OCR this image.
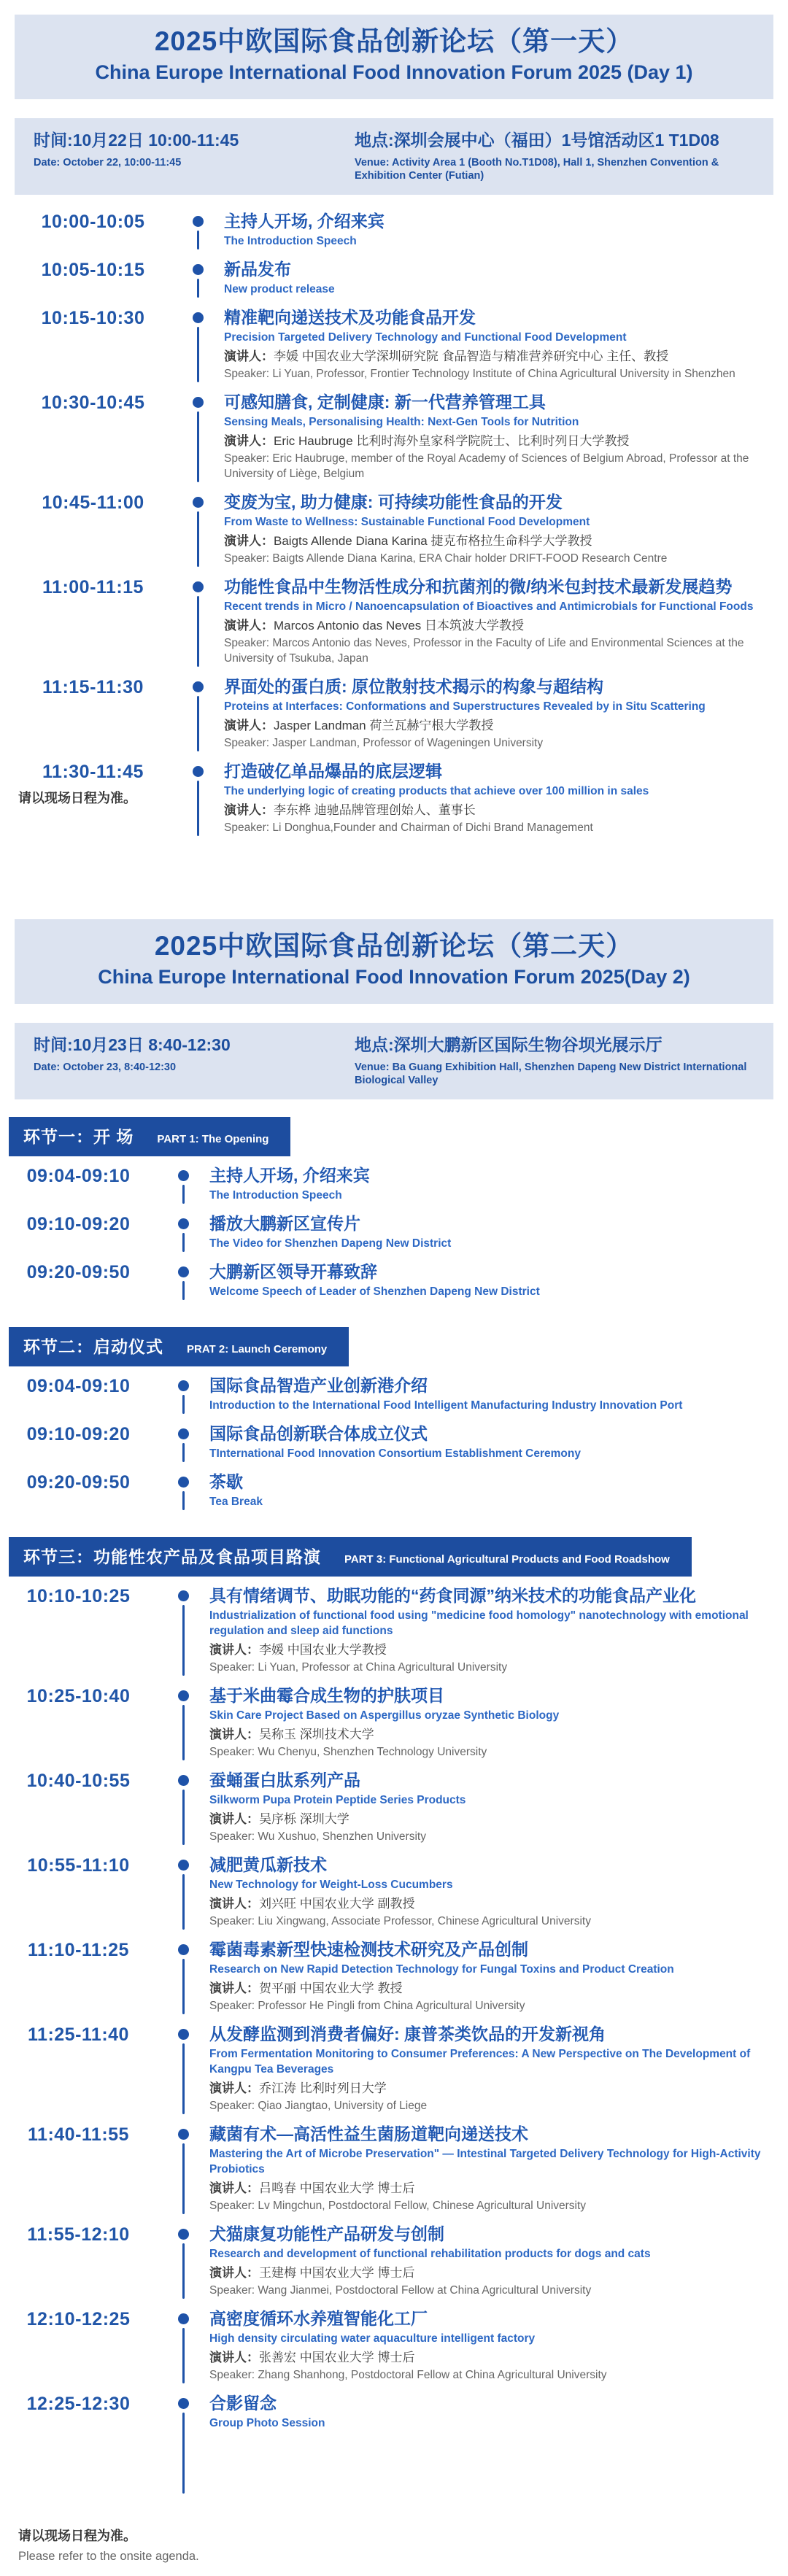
2025中欧国际食品创新论坛（第一天）
China Europe International Food Innovation Forum 2025 (Day 1)
时间:10月22日 10:00-11:45
Date: October 22, 10:00-11:45
地点:深圳会展中心（福田）1号馆活动区1 T1D08
Venue: Activity Area 1 (Booth No.T1D08), Hall 1, Shenzhen Convention & Exhibition Center (Futian)
请以现场日程为准。
10:00-10:05	主持人开场, 介绍来宾
The Introduction Speech
10:05-10:15	新品发布
New product release
10:15-10:30	精准靶向递送技术及功能食品开发
Precision Targeted Delivery Technology and Functional Food Development
演讲人：李媛 中国农业大学深圳研究院 食品智造与精准营养研究中心 主任、教授
Speaker: Li Yuan, Professor, Frontier Technology Institute of China Agricultural University in Shenzhen
10:30-10:45	可感知膳食, 定制健康: 新一代营养管理工具
Sensing Meals, Personalising Health: Next-Gen Tools for Nutrition
演讲人：Eric Haubruge 比利时海外皇家科学院院士、比利时列日大学教授
Speaker: Eric Haubruge, member of the Royal Academy of Sciences of Belgium Abroad, Professor at the University of Liège, Belgium
10:45-11:00	变废为宝, 助力健康: 可持续功能性食品的开发
From Waste to Wellness: Sustainable Functional Food Development
演讲人：Baigts Allende Diana Karina 捷克布格拉生命科学大学教授
Speaker: Baigts Allende Diana Karina, ERA Chair holder DRIFT-FOOD Research Centre
11:00-11:15	功能性食品中生物活性成分和抗菌剂的微/纳米包封技术最新发展趋势
Recent trends in Micro / Nanoencapsulation of Bioactives and Antimicrobials for Functional Foods
演讲人：Marcos Antonio das Neves 日本筑波大学教授
Speaker: Marcos Antonio das Neves, Professor in the Faculty of Life and Environmental Sciences at the University of Tsukuba, Japan
11:15-11:30	界面处的蛋白质: 原位散射技术揭示的构象与超结构
Proteins at Interfaces: Conformations and Superstructures Revealed by in Situ Scattering
演讲人：Jasper Landman 荷兰瓦赫宁根大学教授
Speaker: Jasper Landman, Professor of Wageningen University
11:30-11:45	打造破亿单品爆品的底层逻辑
The underlying logic of creating products that achieve over 100 million in sales
演讲人：李东桦 迪驰品牌管理创始人、董事长
Speaker: Li Donghua,Founder and Chairman of Dichi Brand Management
2025中欧国际食品创新论坛（第二天）
China Europe International Food Innovation Forum 2025(Day 2)
时间:10月23日 8:40-12:30
Date: October 23, 8:40-12:30
地点:深圳大鹏新区国际生物谷坝光展示厅
Venue: Ba Guang Exhibition Hall, Shenzhen Dapeng New District International Biological Valley
环节一：开 场 PART 1: The Opening
09:04-09:10	主持人开场, 介绍来宾
The Introduction Speech
09:10-09:20	播放大鹏新区宣传片
The Video for Shenzhen Dapeng New District
09:20-09:50	大鹏新区领导开幕致辞
Welcome Speech of Leader of Shenzhen Dapeng New District
环节二：启动仪式 PRAT 2: Launch Ceremony
09:04-09:10	国际食品智造产业创新港介绍
Introduction to the International Food Intelligent Manufacturing Industry Innovation Port
09:10-09:20	国际食品创新联合体成立仪式
TInternational Food Innovation Consortium Establishment Ceremony
09:20-09:50	茶歇
Tea Break
环节三：功能性农产品及食品项目路演 PART 3: Functional Agricultural Products and Food Roadshow
10:10-10:25	具有情绪调节、助眠功能的“药食同源”纳米技术的功能食品产业化
Industrialization of functional food using "medicine food homology" nanotechnology with emotional regulation and sleep aid functions
演讲人：李媛 中国农业大学教授
Speaker: Li Yuan, Professor at China Agricultural University
10:25-10:40	基于米曲霉合成生物的护肤项目
Skin Care Project Based on Aspergillus oryzae Synthetic Biology
演讲人：吴称玉 深圳技术大学
Speaker: Wu Chenyu, Shenzhen Technology University
10:40-10:55	蚕蛹蛋白肽系列产品
Silkworm Pupa Protein Peptide Series Products
演讲人：吴序栎 深圳大学
Speaker: Wu Xushuo, Shenzhen University
10:55-11:10	减肥黄瓜新技术
New Technology for Weight-Loss Cucumbers
演讲人：刘兴旺 中国农业大学 副教授
Speaker: Liu Xingwang, Associate Professor, Chinese Agricultural University
11:10-11:25	霉菌毒素新型快速检测技术研究及产品创制
Research on New Rapid Detection Technology for Fungal Toxins and Product Creation
演讲人：贺平丽 中国农业大学 教授
Speaker: Professor He Pingli from China Agricultural University
11:25-11:40	从发酵监测到消费者偏好: 康普茶类饮品的开发新视角
From Fermentation Monitoring to Consumer Preferences: A New Perspective on The Development of Kangpu Tea Beverages
演讲人：乔江涛 比利时列日大学
Speaker: Qiao Jiangtao, University of Liege
11:40-11:55	藏菌有术—高活性益生菌肠道靶向递送技术
Mastering the Art of Microbe Preservation" — Intestinal Targeted Delivery Technology for High-Activity Probiotics
演讲人：吕鸣春 中国农业大学 博士后
Speaker: Lv Mingchun, Postdoctoral Fellow, Chinese Agricultural University
11:55-12:10	犬猫康复功能性产品研发与创制
Research and development of functional rehabilitation products for dogs and cats
演讲人：王建梅 中国农业大学 博士后
Speaker: Wang Jianmei, Postdoctoral Fellow at China Agricultural University
12:10-12:25	高密度循环水养殖智能化工厂
High density circulating water aquaculture intelligent factory
演讲人：张善宏 中国农业大学 博士后
Speaker: Zhang Shanhong, Postdoctoral Fellow at China Agricultural University
12:25-12:30	合影留念
Group Photo Session
请以现场日程为准。
Please refer to the onsite agenda.
